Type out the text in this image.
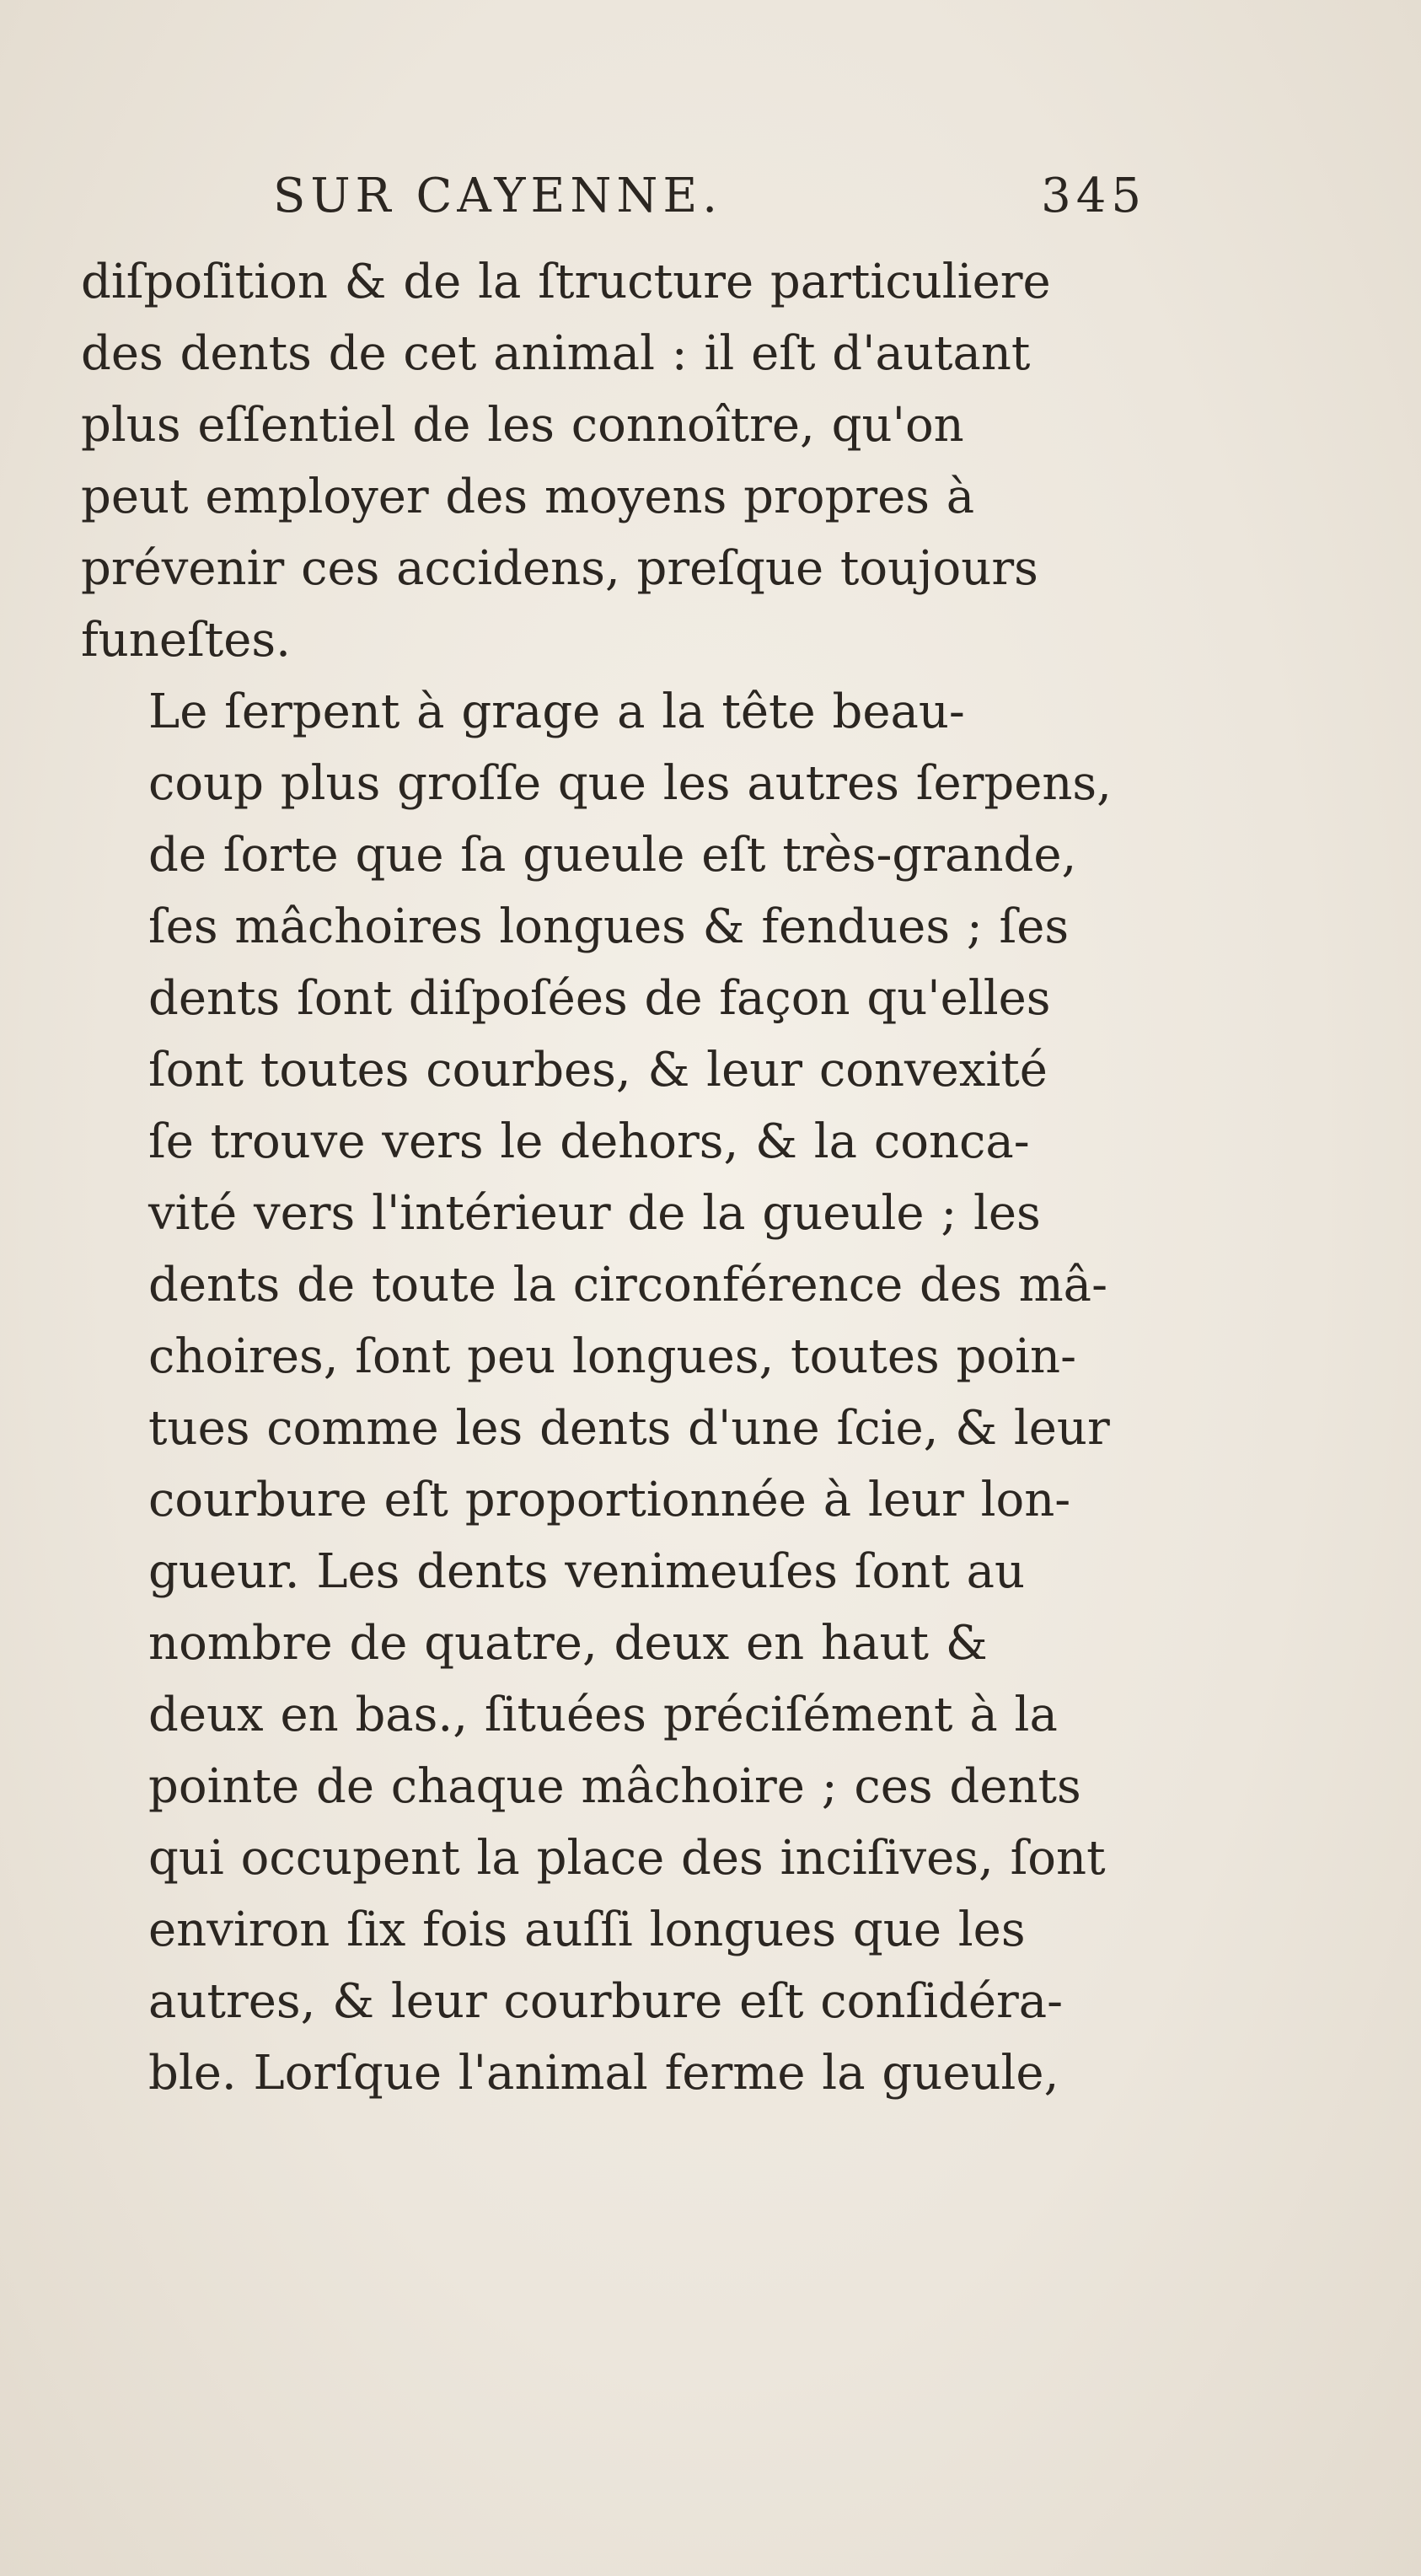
SUR CAYENNE.	345

diſpoſition & de la ſtructure particuliere
des dents de cet animal : il eſt d'autant
plus eſſentiel de les connoître, qu'on
peut employer des moyens propres à
prévenir ces accidens, preſque toujours
funeſtes.

Le ſerpent à grage a la tête beau-
coup plus groſſe que les autres ſerpens,
de ſorte que ſa gueule eſt très-grande,
ſes mâchoires longues & fendues ; ſes
dents ſont diſpoſées de façon qu'elles
ſont toutes courbes, & leur convexité
ſe trouve vers le dehors, & la conca-
vité vers l'intérieur de la gueule ; les
dents de toute la circonférence des mâ-
choires, ſont peu longues, toutes poin-
tues comme les dents d'une ſcie, & leur
courbure eſt proportionnée à leur lon-
gueur. Les dents venimeuſes ſont au
nombre de quatre, deux en haut &
deux en bas., ſituées préciſément à la
pointe de chaque mâchoire ; ces dents
qui occupent la place des inciſives, ſont
environ ſix fois auſſi longues que les
autres, & leur courbure eſt conſidéra-
ble. Lorſque l'animal ferme la gueule,
